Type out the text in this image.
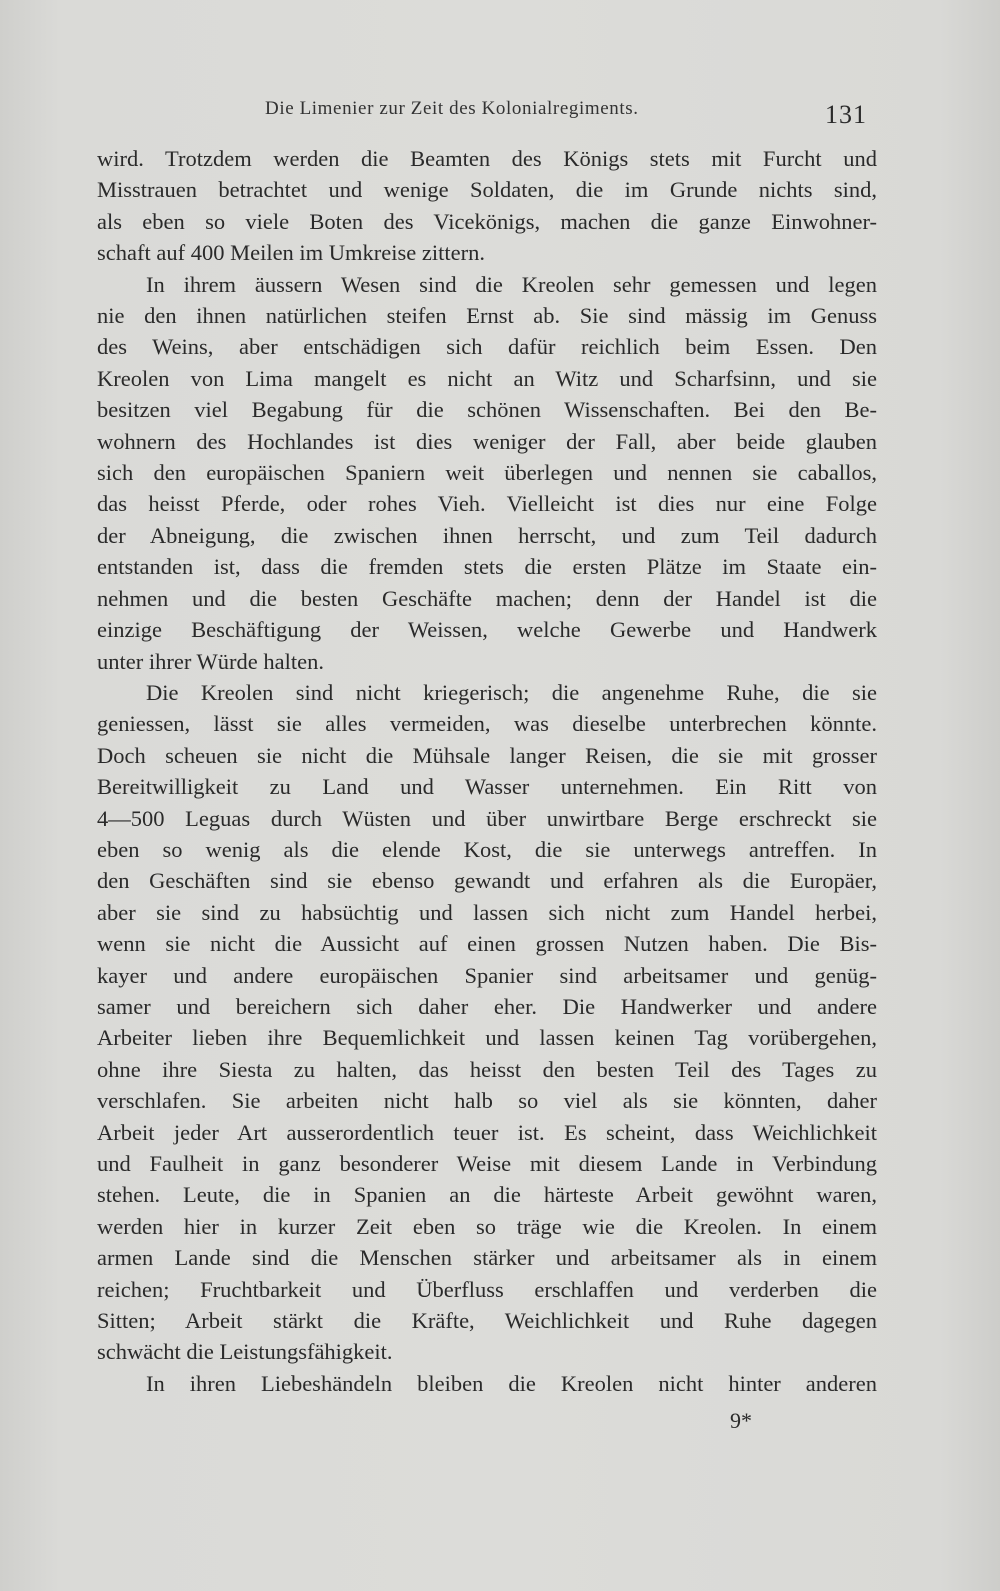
Die Limenier zur Zeit des Kolonialregiments.	131
wird. Trotzdem werden die Beamten des Königs stets mit Furcht und
Misstrauen betrachtet und wenige Soldaten, die im Grunde nichts sind,
als eben so viele Boten des Vicekönigs, machen die ganze Einwohner-
schaft auf 400 Meilen im Umkreise zittern.
In ihrem äussern Wesen sind die Kreolen sehr gemessen und legen
nie den ihnen natürlichen steifen Ernst ab. Sie sind mässig im Genuss
des Weins, aber entschädigen sich dafür reichlich beim Essen. Den
Kreolen von Lima mangelt es nicht an Witz und Scharfsinn, und sie
besitzen viel Begabung für die schönen Wissenschaften. Bei den Be-
wohnern des Hochlandes ist dies weniger der Fall, aber beide glauben
sich den europäischen Spaniern weit überlegen und nennen sie caballos,
das heisst Pferde, oder rohes Vieh. Vielleicht ist dies nur eine Folge
der Abneigung, die zwischen ihnen herrscht, und zum Teil dadurch
entstanden ist, dass die fremden stets die ersten Plätze im Staate ein-
nehmen und die besten Geschäfte machen; denn der Handel ist die
einzige Beschäftigung der Weissen, welche Gewerbe und Handwerk
unter ihrer Würde halten.
Die Kreolen sind nicht kriegerisch; die angenehme Ruhe, die sie
geniessen, lässt sie alles vermeiden, was dieselbe unterbrechen könnte.
Doch scheuen sie nicht die Mühsale langer Reisen, die sie mit grosser
Bereitwilligkeit zu Land und Wasser unternehmen. Ein Ritt von
4—500 Leguas durch Wüsten und über unwirtbare Berge erschreckt sie
eben so wenig als die elende Kost, die sie unterwegs antreffen. In
den Geschäften sind sie ebenso gewandt und erfahren als die Europäer,
aber sie sind zu habsüchtig und lassen sich nicht zum Handel herbei,
wenn sie nicht die Aussicht auf einen grossen Nutzen haben. Die Bis-
kayer und andere europäischen Spanier sind arbeitsamer und genüg-
samer und bereichern sich daher eher. Die Handwerker und andere
Arbeiter lieben ihre Bequemlichkeit und lassen keinen Tag vorübergehen,
ohne ihre Siesta zu halten, das heisst den besten Teil des Tages zu
verschlafen. Sie arbeiten nicht halb so viel als sie könnten, daher
Arbeit jeder Art ausserordentlich teuer ist. Es scheint, dass Weichlichkeit
und Faulheit in ganz besonderer Weise mit diesem Lande in Verbindung
stehen. Leute, die in Spanien an die härteste Arbeit gewöhnt waren,
werden hier in kurzer Zeit eben so träge wie die Kreolen. In einem
armen Lande sind die Menschen stärker und arbeitsamer als in einem
reichen; Fruchtbarkeit und Überfluss erschlaffen und verderben die
Sitten; Arbeit stärkt die Kräfte, Weichlichkeit und Ruhe dagegen
schwächt die Leistungsfähigkeit.
In ihren Liebeshändeln bleiben die Kreolen nicht hinter anderen
9*
